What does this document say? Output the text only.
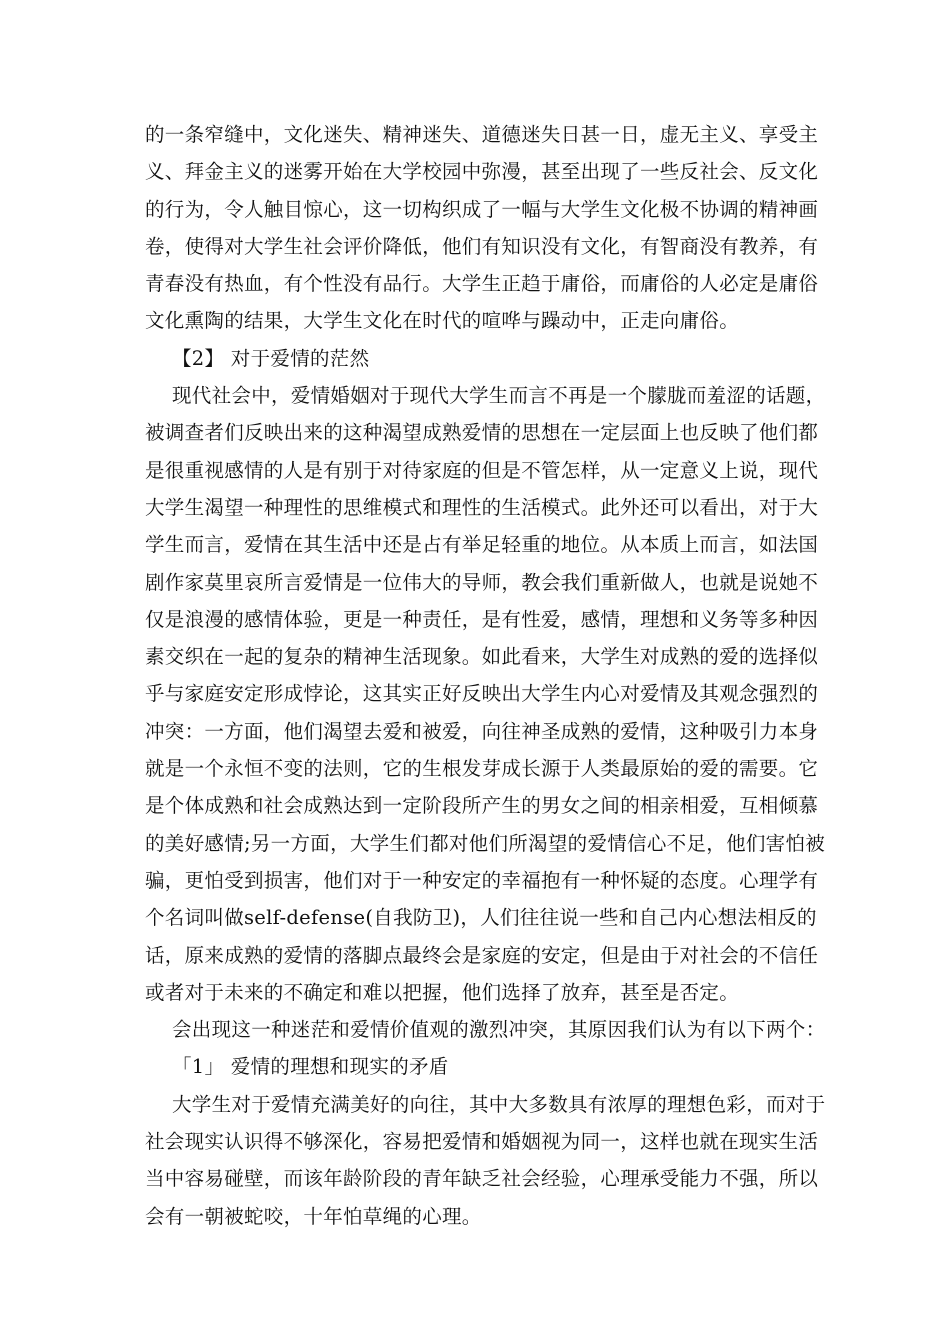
的一条窄缝中，文化迷失、精神迷失、道德迷失日甚一日，虚无主义、享受主
义、拜金主义的迷雾开始在大学校园中弥漫，甚至出现了一些反社会、反文化
的行为，令人触目惊心，这一切构织成了一幅与大学生文化极不协调的精神画
卷，使得对大学生社会评价降低，他们有知识没有文化，有智商没有教养，有
青春没有热血，有个性没有品行。大学生正趋于庸俗，而庸俗的人必定是庸俗
文化熏陶的结果，大学生文化在时代的喧哗与躁动中，正走向庸俗。
【2】 对于爱情的茫然
现代社会中，爱情婚姻对于现代大学生而言不再是一个朦胧而羞涩的话题，
被调查者们反映出来的这种渴望成熟爱情的思想在一定层面上也反映了他们都
是很重视感情的人是有别于对待家庭的但是不管怎样，从一定意义上说，现代
大学生渴望一种理性的思维模式和理性的生活模式。此外还可以看出，对于大
学生而言，爱情在其生活中还是占有举足轻重的地位。从本质上而言，如法国
剧作家莫里哀所言爱情是一位伟大的导师，教会我们重新做人，也就是说她不
仅是浪漫的感情体验，更是一种责任，是有性爱，感情，理想和义务等多种因
素交织在一起的复杂的精神生活现象。如此看来，大学生对成熟的爱的选择似
乎与家庭安定形成悖论，这其实正好反映出大学生内心对爱情及其观念强烈的
冲突：一方面，他们渴望去爱和被爱，向往神圣成熟的爱情，这种吸引力本身
就是一个永恒不变的法则，它的生根发芽成长源于人类最原始的爱的需要。它
是个体成熟和社会成熟达到一定阶段所产生的男女之间的相亲相爱，互相倾慕
的美好感情;另一方面，大学生们都对他们所渴望的爱情信心不足，他们害怕被
骗，更怕受到损害，他们对于一种安定的幸福抱有一种怀疑的态度。心理学有
个名词叫做self-defense(自我防卫)，人们往往说一些和自己内心想法相反的
话，原来成熟的爱情的落脚点最终会是家庭的安定，但是由于对社会的不信任
或者对于未来的不确定和难以把握，他们选择了放弃，甚至是否定。
会出现这一种迷茫和爱情价值观的激烈冲突，其原因我们认为有以下两个：
「1」 爱情的理想和现实的矛盾
大学生对于爱情充满美好的向往，其中大多数具有浓厚的理想色彩，而对于
社会现实认识得不够深化，容易把爱情和婚姻视为同一，这样也就在现实生活
当中容易碰壁，而该年龄阶段的青年缺乏社会经验，心理承受能力不强，所以
会有一朝被蛇咬，十年怕草绳的心理。
